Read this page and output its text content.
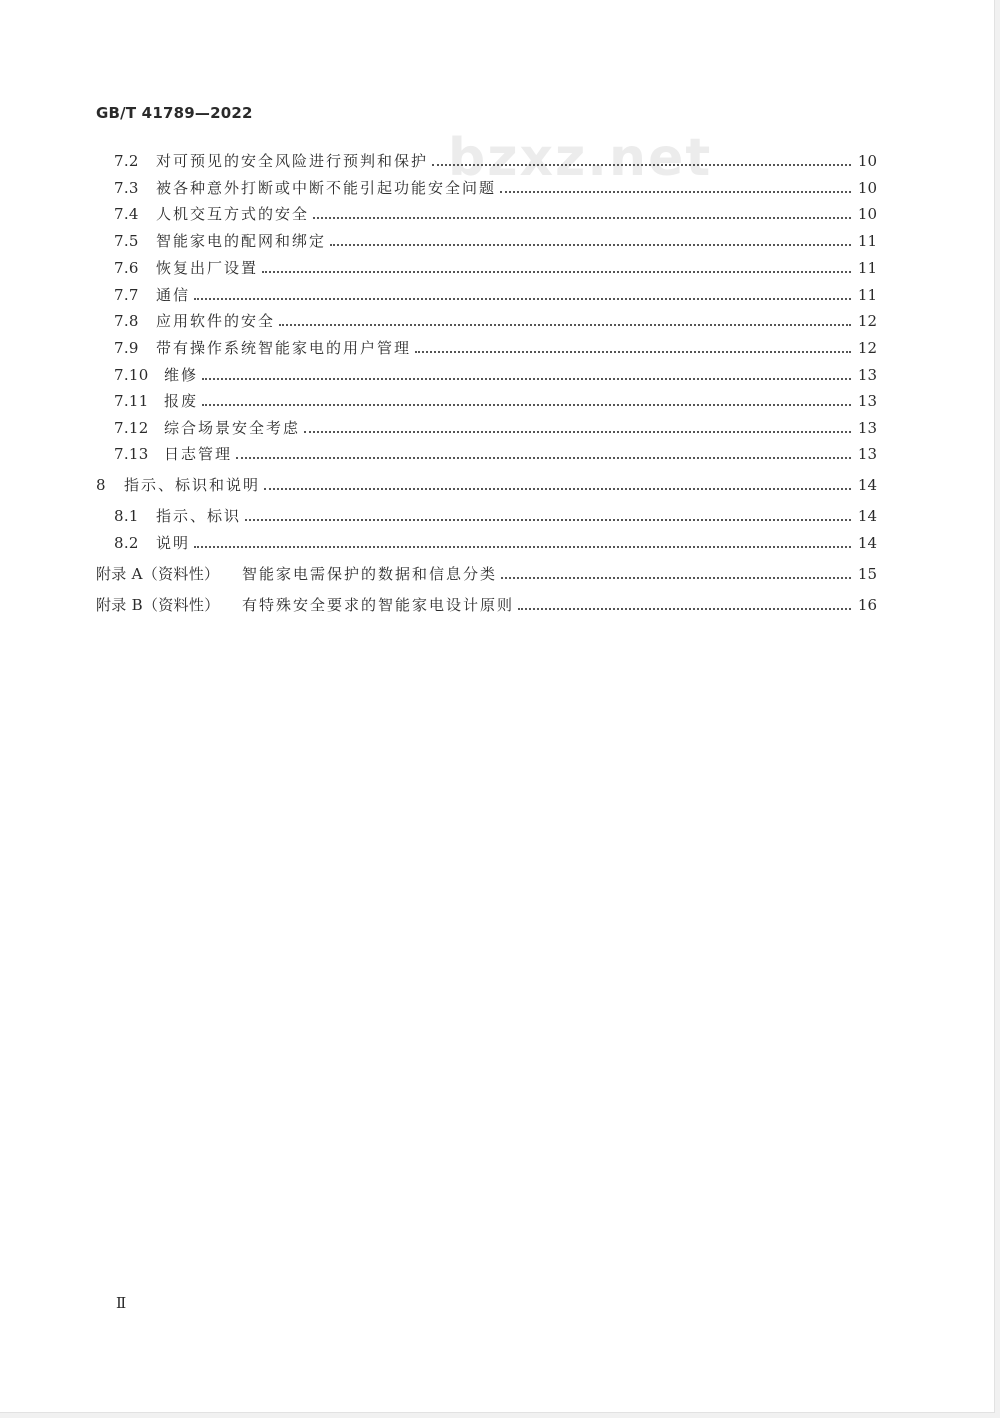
GB/T 41789—2022
bzxz.net
7.2	对可预见的安全风险进行预判和保护	10
7.3	被各种意外打断或中断不能引起功能安全问题	10
7.4	人机交互方式的安全	10
7.5	智能家电的配网和绑定	11
7.6	恢复出厂设置	11
7.7	通信	11
7.8	应用软件的安全	12
7.9	带有操作系统智能家电的用户管理	12
7.10	维修	13
7.11	报废	13
7.12	综合场景安全考虑	13
7.13	日志管理	13
8	指示、标识和说明	14
8.1	指示、标识	14
8.2	说明	14
附录 A（资料性）	智能家电需保护的数据和信息分类	15
附录 B（资料性）	有特殊安全要求的智能家电设计原则	16
Ⅱ
